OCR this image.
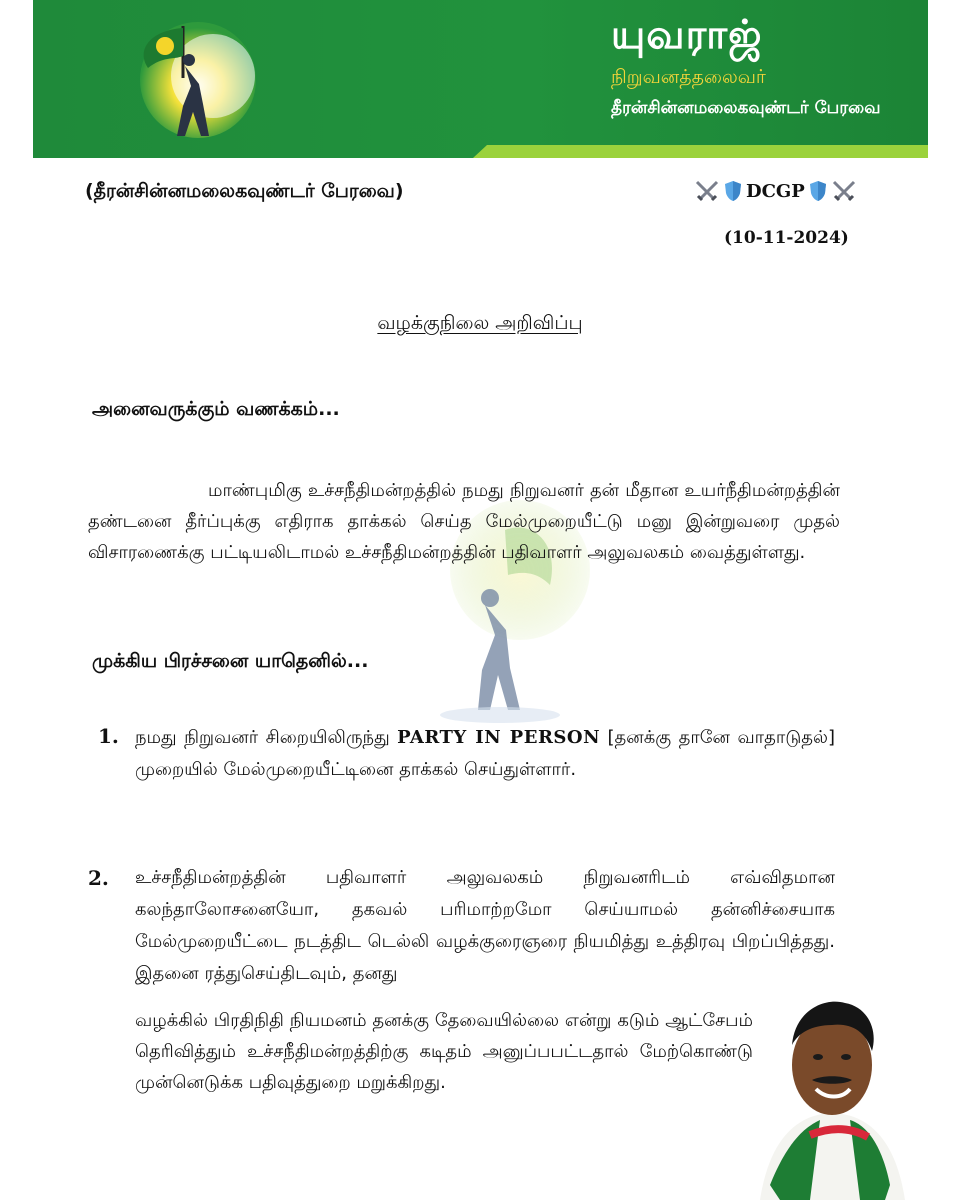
யுவராஜ்
நிறுவனத்தலைவர்
தீரன்சின்னமலைகவுண்டர் பேரவை
(தீரன்சின்னமலைகவுண்டர் பேரவை)	DCGP
(10-11-2024)
வழக்குநிலை அறிவிப்பு
அனைவருக்கும் வணக்கம்...
மாண்புமிகு உச்சநீதிமன்றத்தில் நமது நிறுவனர் தன் மீதான உயர்நீதிமன்றத்தின் தண்டனை தீர்ப்புக்கு எதிராக தாக்கல் செய்த மேல்முறையீட்டு மனு இன்றுவரை முதல் விசாரணைக்கு பட்டியலிடாமல் உச்சநீதிமன்றத்தின் பதிவாளர் அலுவலகம் வைத்துள்ளது.
முக்கிய பிரச்சனை யாதெனில்...
1. நமது நிறுவனர் சிறையிலிருந்து PARTY IN PERSON [தனக்கு தானே வாதாடுதல்] முறையில் மேல்முறையீட்டினை தாக்கல் செய்துள்ளார்.
2. உச்சநீதிமன்றத்தின் பதிவாளர் அலுவலகம் நிறுவனரிடம் எவ்விதமான கலந்தாலோசனையோ, தகவல் பரிமாற்றமோ செய்யாமல் தன்னிச்சையாக மேல்முறையீட்டை நடத்திட டெல்லி வழக்குரைஞரை நியமித்து உத்திரவு பிறப்பித்தது. இதனை ரத்துசெய்திடவும், தனது
வழக்கில் பிரதிநிதி நியமனம் தனக்கு தேவையில்லை என்று கடும் ஆட்சேபம் தெரிவித்தும் உச்சநீதிமன்றத்திற்கு கடிதம் அனுப்பபட்டதால் மேற்கொண்டு முன்னெடுக்க பதிவுத்துறை மறுக்கிறது.
